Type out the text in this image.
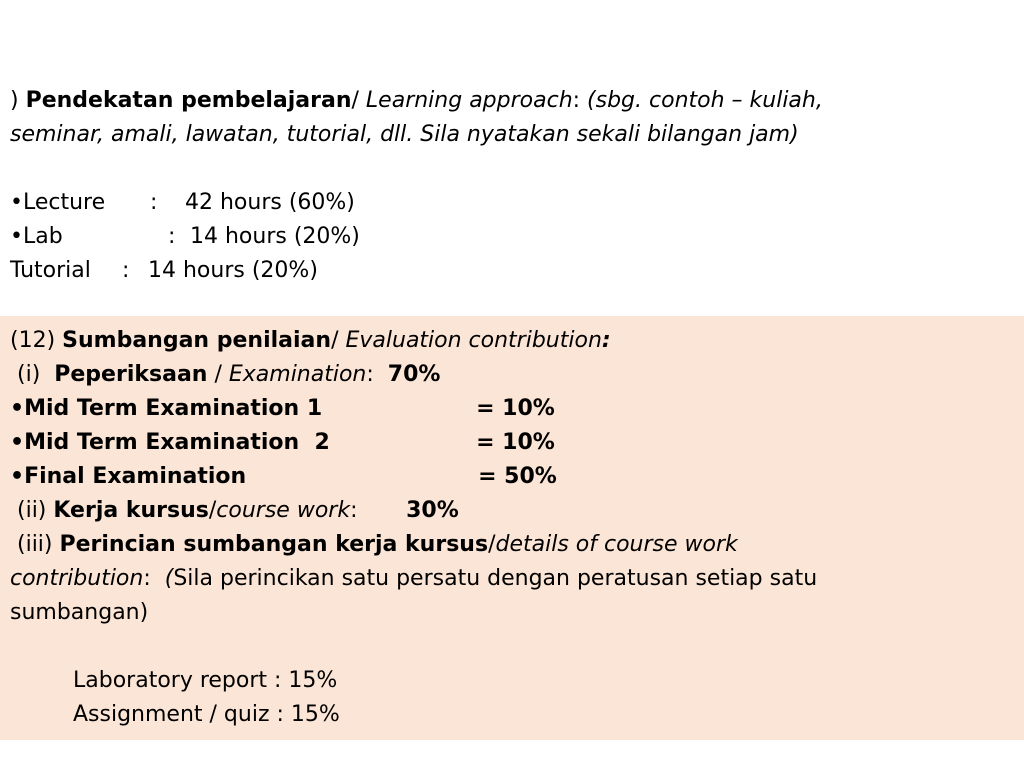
) Pendekatan pembelajaran/ Learning approach: (sbg. contoh – kuliah,
seminar, amali, lawatan, tutorial, dll. Sila nyatakan sekali bilangan jam)
•Lecture : 42 hours (60%)
•Lab	: 14 hours (20%)
Tutorial : 14 hours (20%)
(12) Sumbangan penilaian/ Evaluation contribution:
(i)  Peperiksaan / Examination:  70%
•Mid Term Examination 1	= 10%
•Mid Term Examination  2	= 10%
•Final Examination	= 50%
(ii) Kerja kursus/course work: 30%
(iii) Perincian sumbangan kerja kursus/details of course work
contribution:  (Sila perincikan satu persatu dengan peratusan setiap satu
sumbangan)
Laboratory report : 15%
Assignment / quiz : 15%
